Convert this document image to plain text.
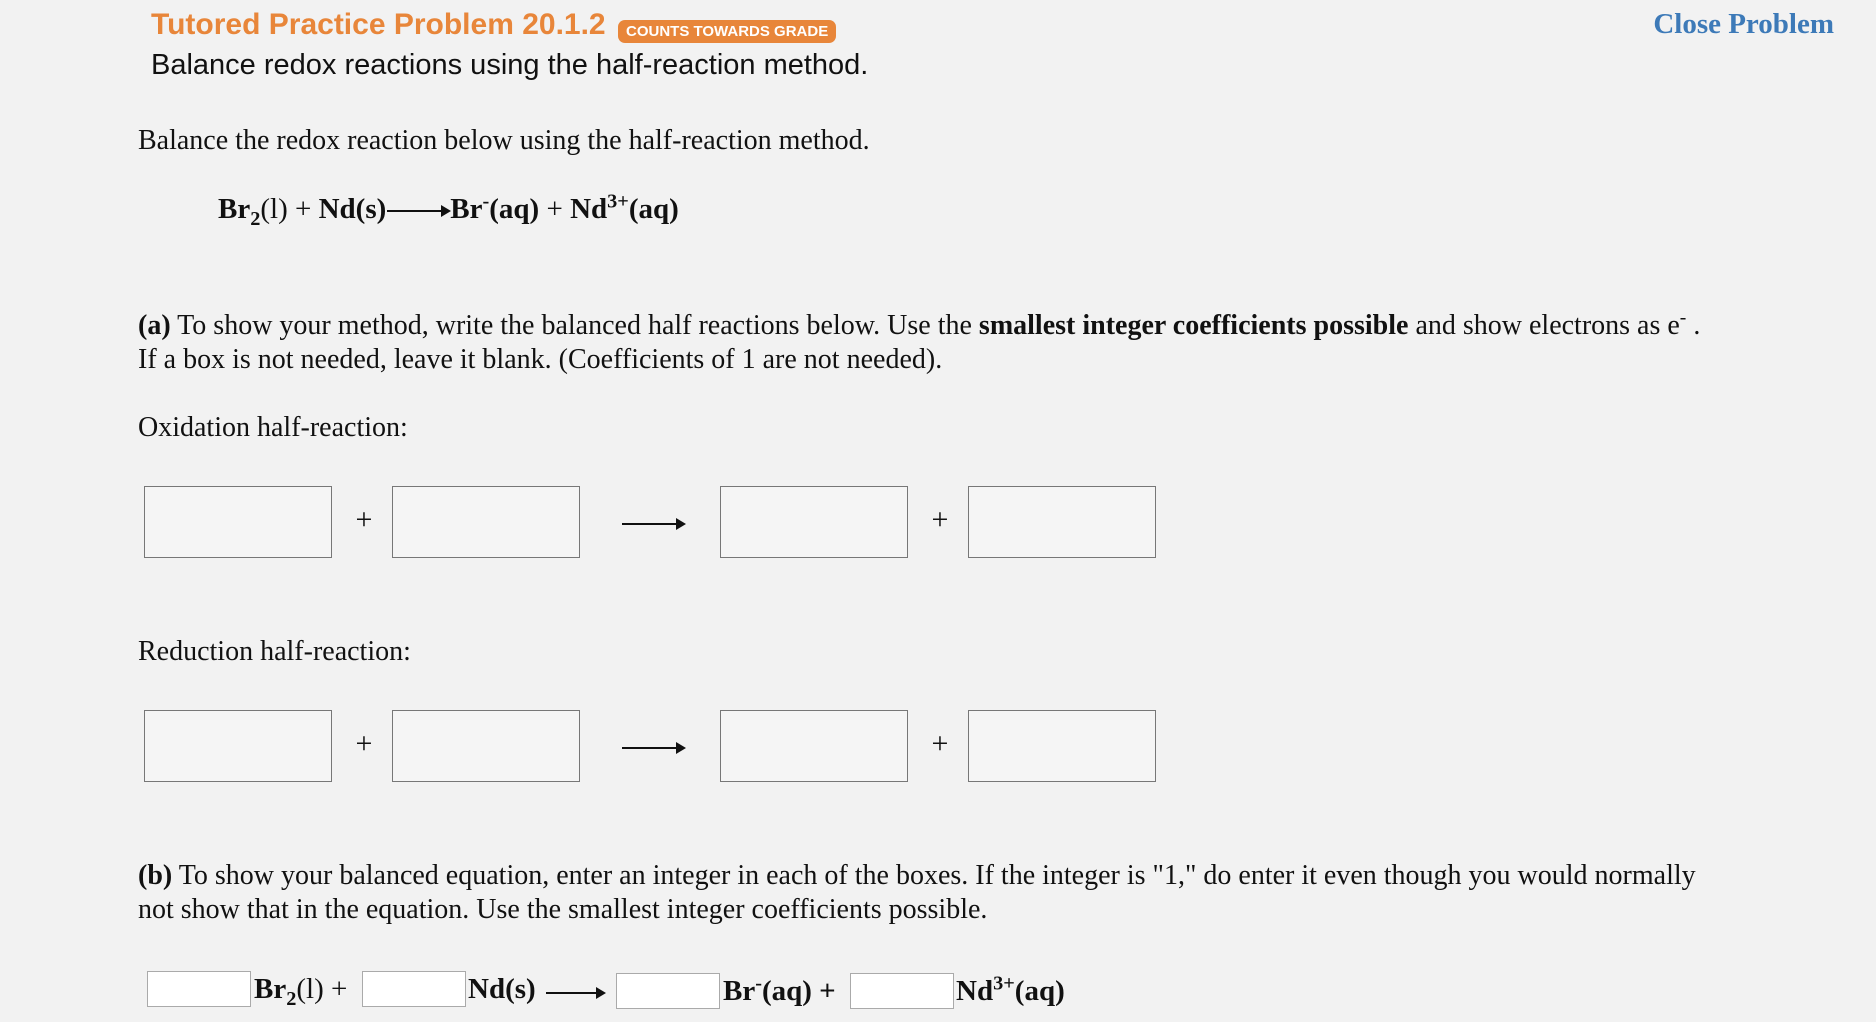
Tutored Practice Problem 20.1.2	COUNTS TOWARDS GRADE
Balance redox reactions using the half-reaction method.
Close Problem
Balance the redox reaction below using the half-reaction method.
$Br_2(l) + Nd(s)\to Br^-(aq) + Nd^{3+}(aq)$
(a) To show your method, write the balanced half reactions below. Use the smallest integer coefficients possible and show electrons as e- .
If a box is not needed, leave it blank. (Coefficients of 1 are not needed).
Oxidation half-reaction:
+	+
Reduction half-reaction:
+	+
(b) To show your balanced equation, enter an integer in each of the boxes. If the integer is "1," do enter it even though you would normally
not show that in the equation. Use the smallest integer coefficients possible.
$Br_2(l)$ +	Nd(s)	Br-(aq) +	$Nd^{3+}(aq)$
